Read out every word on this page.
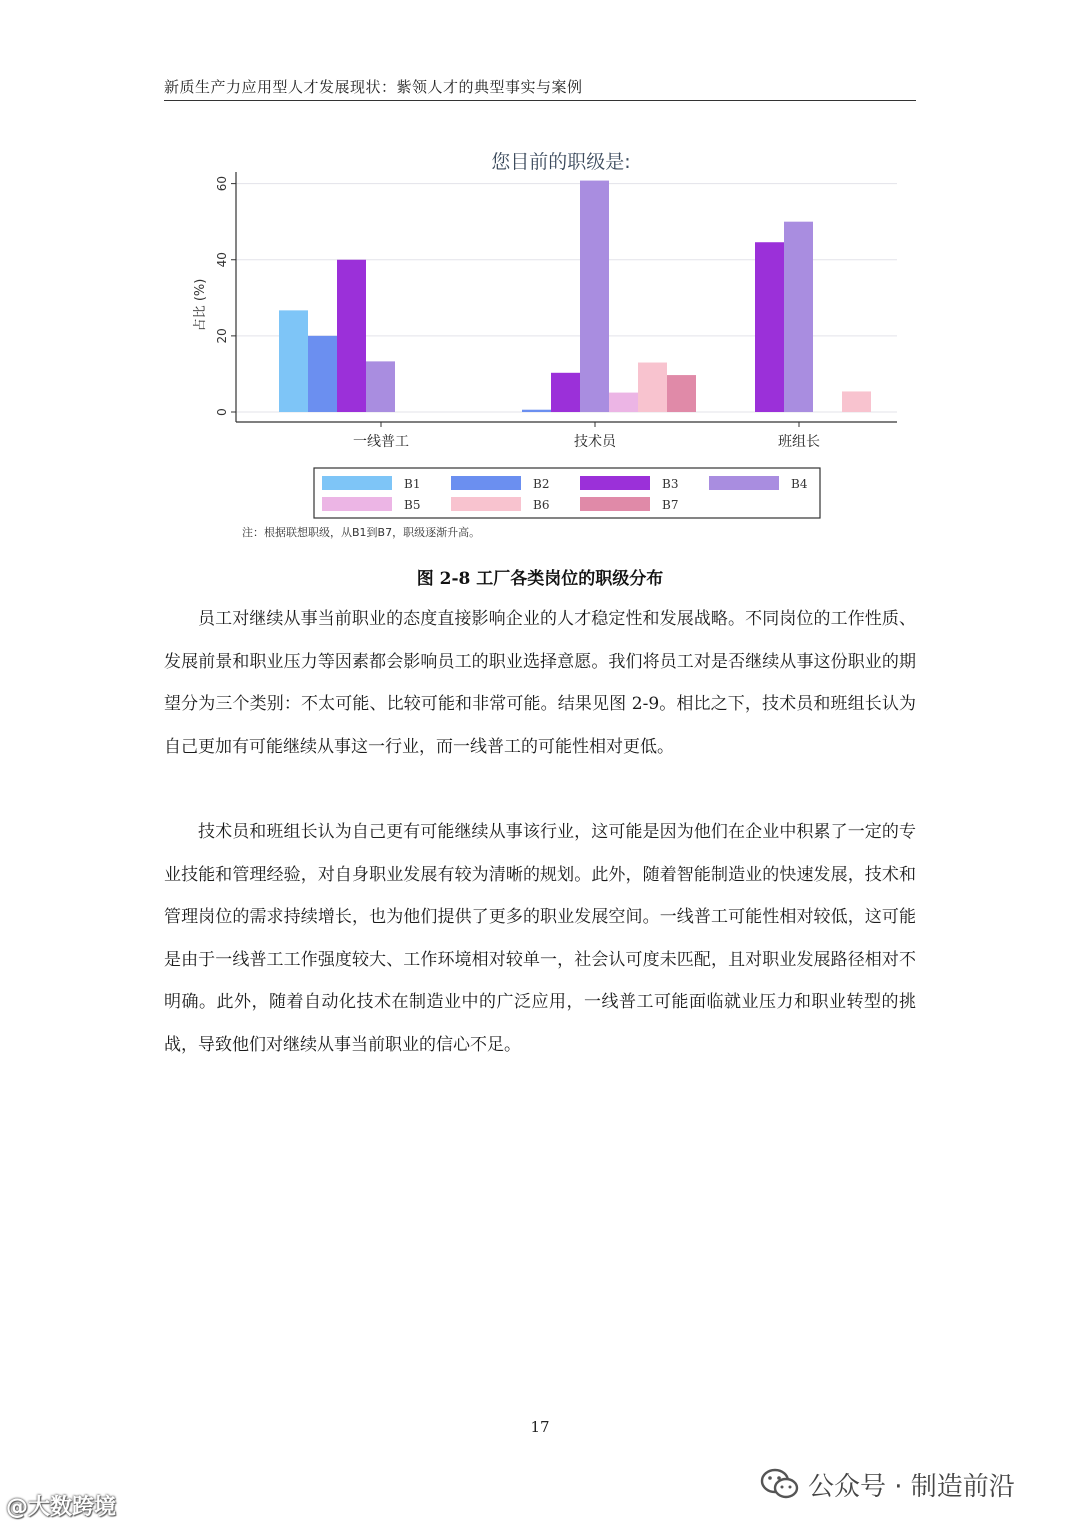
新质生产力应用型人才发展现状：紫领人才的典型事实与案例
您目前的职级是:
0
20
40
60
一线普工	技术员	班组长
占比 (%)
B1	B2	B3	B4
B5	B6	B7
注：根据联想职级，从B1到B7，职级逐渐升高。
图 2-8 工厂各类岗位的职级分布
员工对继续从事当前职业的态度直接影响企业的人才稳定性和发展战略。不同岗位的工作性质、发展前景和职业压力等因素都会影响员工的职业选择意愿。我们将员工对是否继续从事这份职业的期望分为三个类别：不太可能、比较可能和非常可能。结果见图 2-9。相比之下，技术员和班组长认为自己更加有可能继续从事这一行业，而一线普工的可能性相对更低。
技术员和班组长认为自己更有可能继续从事该行业，这可能是因为他们在企业中积累了一定的专业技能和管理经验，对自身职业发展有较为清晰的规划。此外，随着智能制造业的快速发展，技术和管理岗位的需求持续增长，也为他们提供了更多的职业发展空间。一线普工可能性相对较低，这可能是由于一线普工工作强度较大、工作环境相对较单一，社会认可度未匹配，且对职业发展路径相对不明确。此外，随着自动化技术在制造业中的广泛应用，一线普工可能面临就业压力和职业转型的挑战，导致他们对继续从事当前职业的信心不足。
17
@大数跨境
公众号 · 制造前沿
